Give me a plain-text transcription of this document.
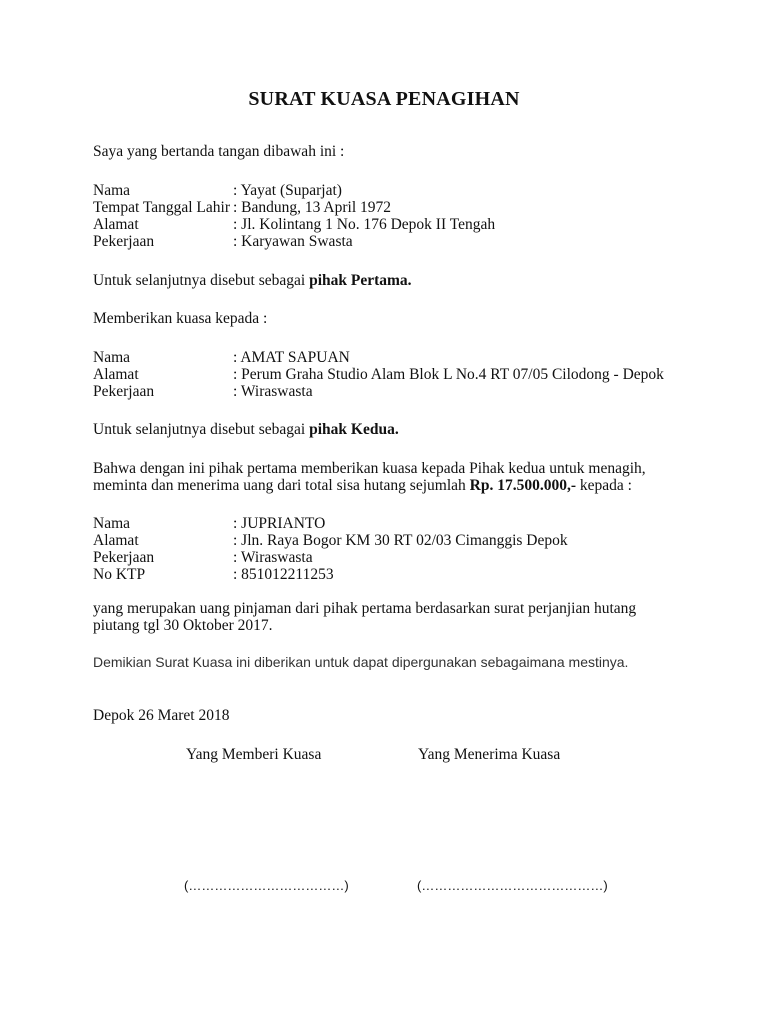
SURAT KUASA PENAGIHAN
Saya yang bertanda tangan dibawah ini :
Nama	: Yayat (Suparjat)
Tempat Tanggal Lahir : Bandung, 13 April 1972
Alamat	: Jl. Kolintang 1 No. 176 Depok II Tengah
Pekerjaan	: Karyawan Swasta
Untuk selanjutnya disebut sebagai pihak Pertama.
Memberikan kuasa kepada :
Nama	: AMAT SAPUAN
Alamat	: Perum Graha Studio Alam Blok L No.4 RT 07/05 Cilodong - Depok
Pekerjaan	: Wiraswasta
Untuk selanjutnya disebut sebagai pihak Kedua.
Bahwa dengan ini pihak pertama memberikan kuasa kepada Pihak kedua untuk menagih,
meminta dan menerima uang dari total sisa hutang sejumlah Rp. 17.500.000,- kepada :
Nama	: JUPRIANTO
Alamat	: Jln. Raya Bogor KM 30 RT 02/03 Cimanggis Depok
Pekerjaan	: Wiraswasta
No KTP	: 851012211253
yang merupakan uang pinjaman dari pihak pertama berdasarkan surat perjanjian hutang
piutang tgl 30 Oktober 2017.
Demikian Surat Kuasa ini diberikan untuk dapat dipergunakan sebagaimana mestinya.
Depok 26 Maret 2018
Yang Memberi Kuasa	Yang Menerima Kuasa
(………………………………)	(……………………………………)
